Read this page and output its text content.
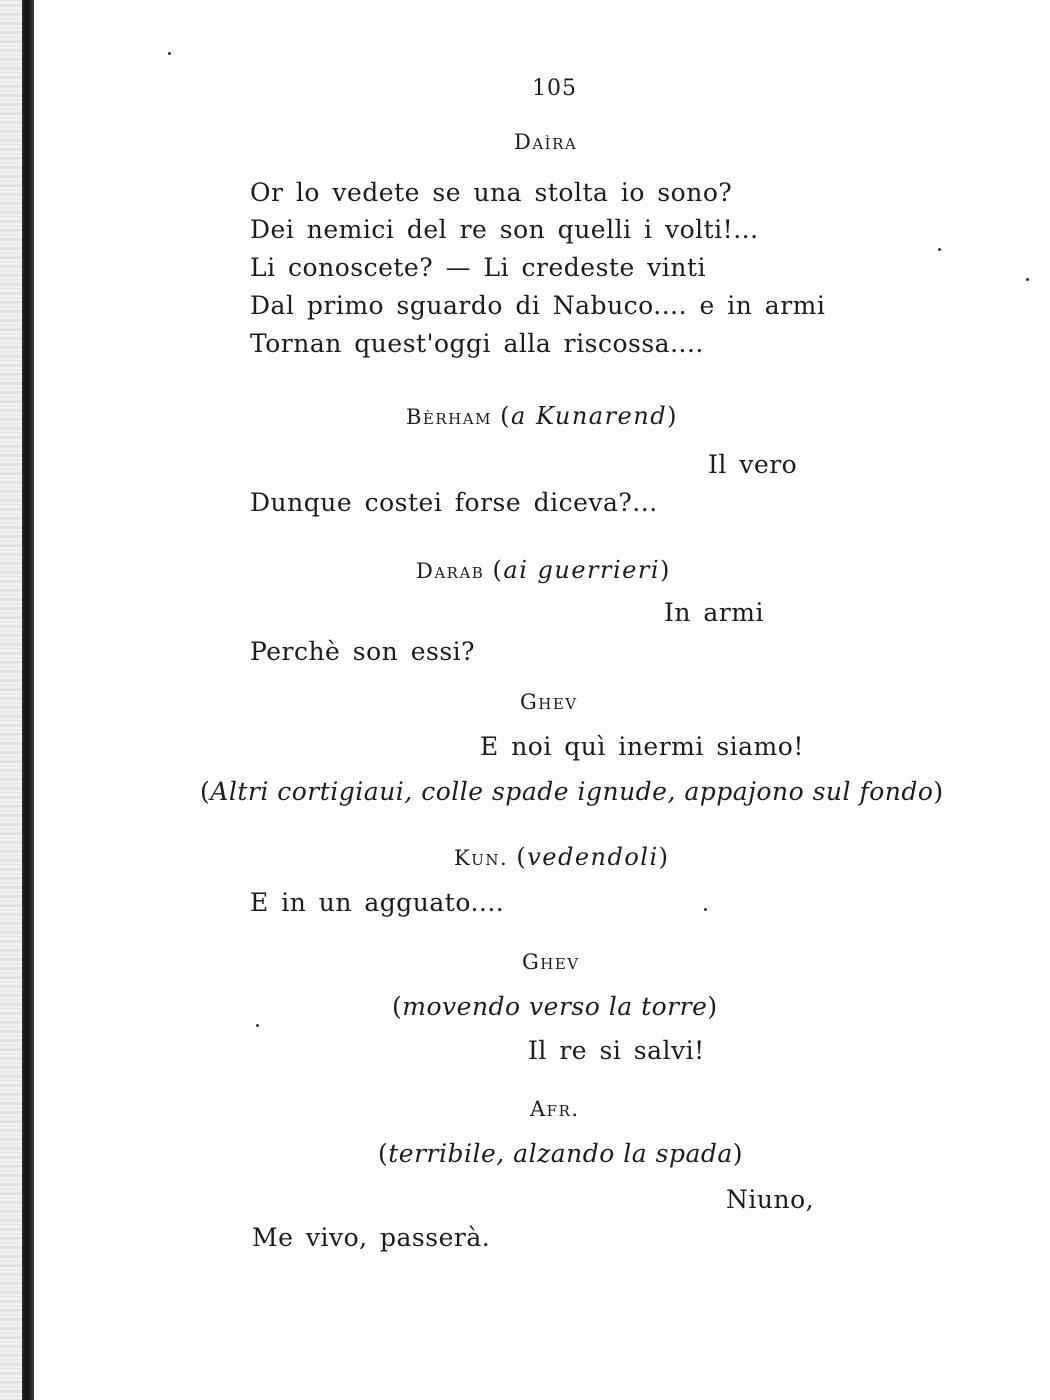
105
Daìra
Or lo vedete se una stolta io sono?
Dei nemici del re son quelli i volti!...
Li conoscete? — Li credeste vinti
Dal primo sguardo di Nabuco.... e in armi
Tornan quest'oggi alla riscossa....
Bèrham (a Kunarend)
Il vero
Dunque costei forse diceva?...
Darab (ai guerrieri)
In armi
Perchè son essi?
Ghev
E noi quì inermi siamo!
(Altri cortigiaui, colle spade ignude, appajono sul fondo)
Kun. (vedendoli)
E in un agguato....
Ghev
(movendo verso la torre)
Il re si salvi!
Afr.
(terribile, alzando la spada)
Niuno,
Me vivo, passerà.
